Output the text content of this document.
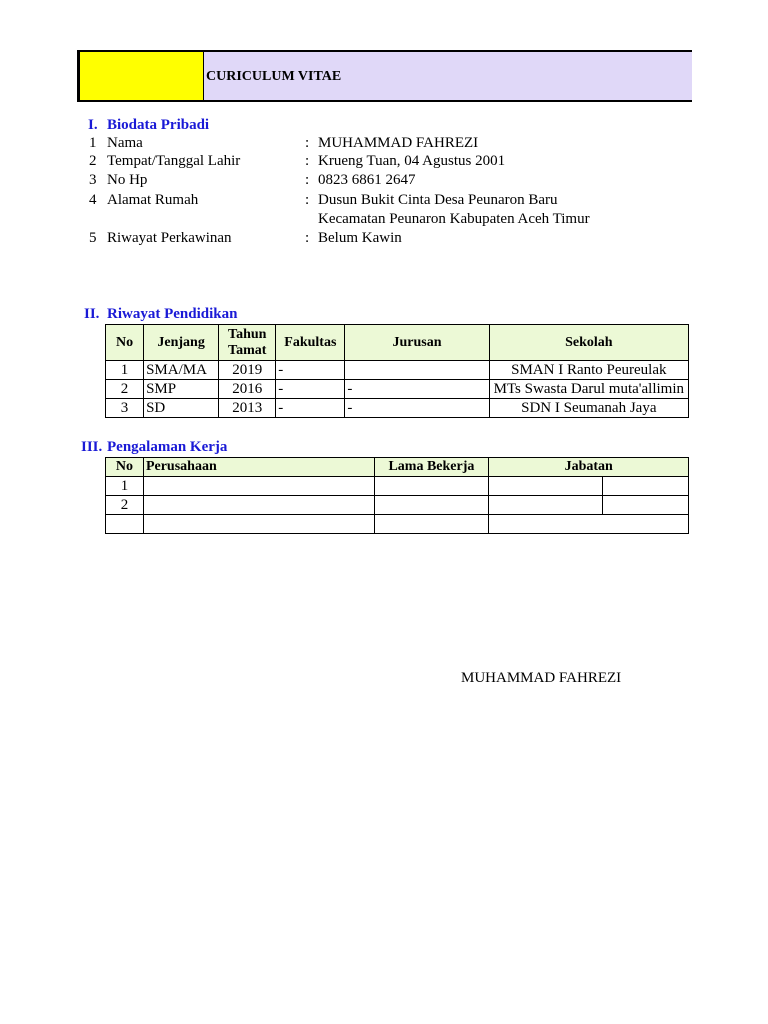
CURICULUM VITAE
I. Biodata Pribadi
1 Nama	: MUHAMMAD FAHREZI
2 Tempat/Tanggal Lahir	: Krueng Tuan, 04 Agustus 2001
3 No Hp	: 0823 6861 2647
4 Alamat Rumah	: Dusun Bukit Cinta Desa Peunaron Baru
Kecamatan Peunaron Kabupaten Aceh Timur
5 Riwayat Perkawinan	: Belum Kawin
II. Riwayat Pendidikan
No	Jenjang	Tahun
Tamat	Fakultas	Jurusan	Sekolah
1	SMA/MA	2019	-		SMAN I Ranto Peureulak
2	SMP	2016	-	-	MTs Swasta Darul muta'allimin
3	SD	2013	-	-	SDN I Seumanah Jaya
III. Pengalaman Kerja
No	Perusahaan	Lama Bekerja	Jabatan	
1				
2				

MUHAMMAD FAHREZI
